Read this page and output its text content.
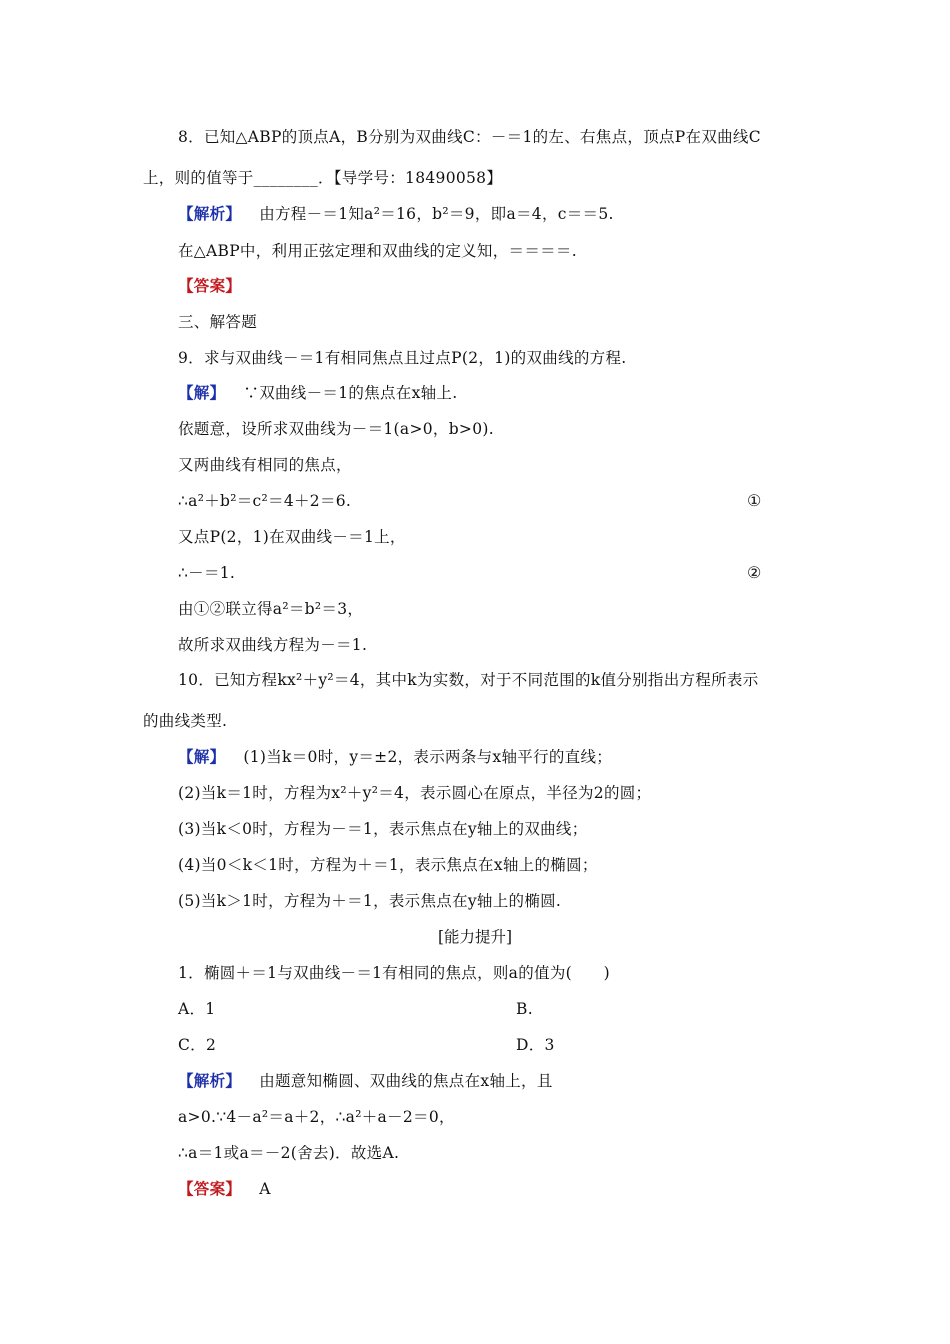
8．已知△ABP的顶点A，B分别为双曲线C：－＝1的左、右焦点，顶点P在双曲线C
上，则的值等于________．【导学号：18490058】
【解析】 由方程－＝1知a²＝16，b²＝9，即a＝4，c＝＝5.
在△ABP中，利用正弦定理和双曲线的定义知，＝＝＝＝.
【答案】
三、解答题
9．求与双曲线－＝1有相同焦点且过点P(2，1)的双曲线的方程.
【解】 ∵双曲线－＝1的焦点在x轴上.
依题意，设所求双曲线为－＝1(a>0，b>0).
又两曲线有相同的焦点，
∴a²＋b²＝c²＝4＋2＝6.	①
又点P(2，1)在双曲线－＝1上，
∴－＝1.	②
由①②联立得a²＝b²＝3，
故所求双曲线方程为－＝1.
10．已知方程kx²＋y²＝4，其中k为实数，对于不同范围的k值分别指出方程所表示
的曲线类型.
【解】 (1)当k＝0时，y＝±2，表示两条与x轴平行的直线；
(2)当k＝1时，方程为x²＋y²＝4，表示圆心在原点，半径为2的圆；
(3)当k＜0时，方程为－＝1，表示焦点在y轴上的双曲线；
(4)当0＜k＜1时，方程为＋＝1，表示焦点在x轴上的椭圆；
(5)当k＞1时，方程为＋＝1，表示焦点在y轴上的椭圆.
[能力提升]
1．椭圆＋＝1与双曲线－＝1有相同的焦点，则a的值为(　　)
A．1	B.
C．2	D．3
【解析】 由题意知椭圆、双曲线的焦点在x轴上，且
a>0.∵4－a²＝a＋2，∴a²＋a－2＝0，
∴a＝1或a＝－2(舍去)．故选A.
【答案】 A
